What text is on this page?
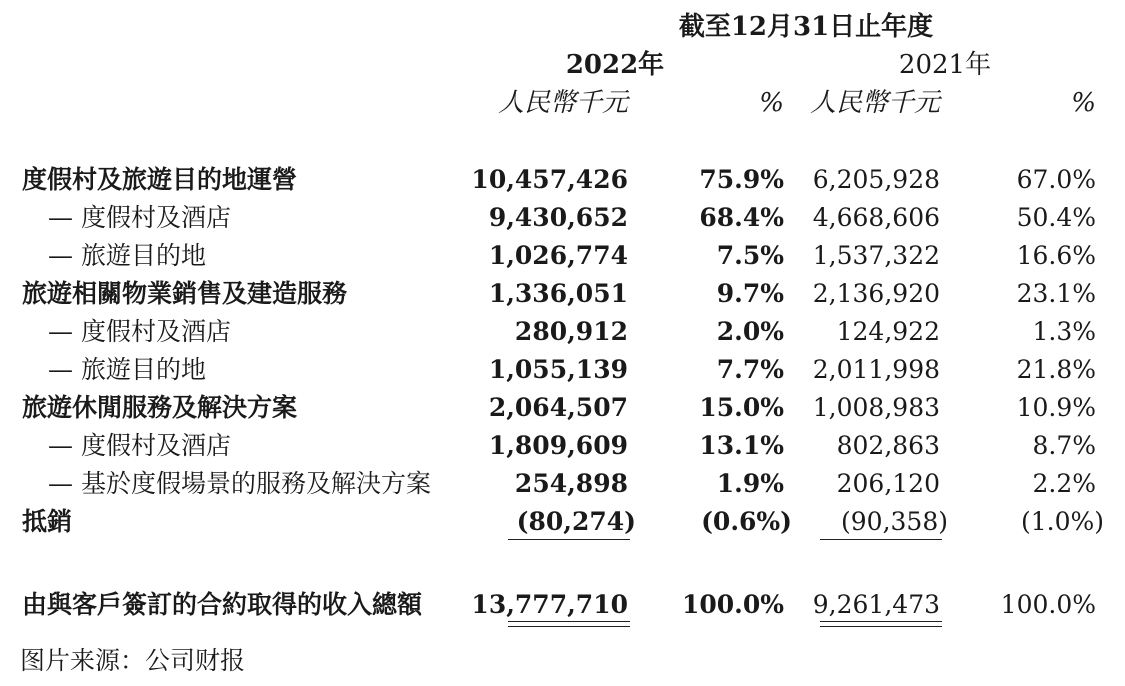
截至12月31日止年度
2022年	2021年
人民幣千元	% 人民幣千元	%
度假村及旅遊目的地運營	10,457,426	75.9%	6,205,928	67.0%
— 度假村及酒店	9,430,652	68.4%	4,668,606	50.4%
— 旅遊目的地	1,026,774	7.5%	1,537,322	16.6%
旅遊相關物業銷售及建造服務	1,336,051	9.7%	2,136,920	23.1%
— 度假村及酒店	280,912	2.0%	124,922	1.3%
— 旅遊目的地	1,055,139	7.7%	2,011,998	21.8%
旅遊休閒服務及解決方案	2,064,507	15.0%	1,008,983	10.9%
— 度假村及酒店	1,809,609	13.1%	802,863	8.7%
— 基於度假場景的服務及解決方案	254,898	1.9%	206,120	2.2%
抵銷	(80,274)	(0.6%)	(90,358)	(1.0%)
由與客戶簽訂的合約取得的收入總額	13,777,710	100.0%	9,261,473	100.0%
图片来源：公司财报
